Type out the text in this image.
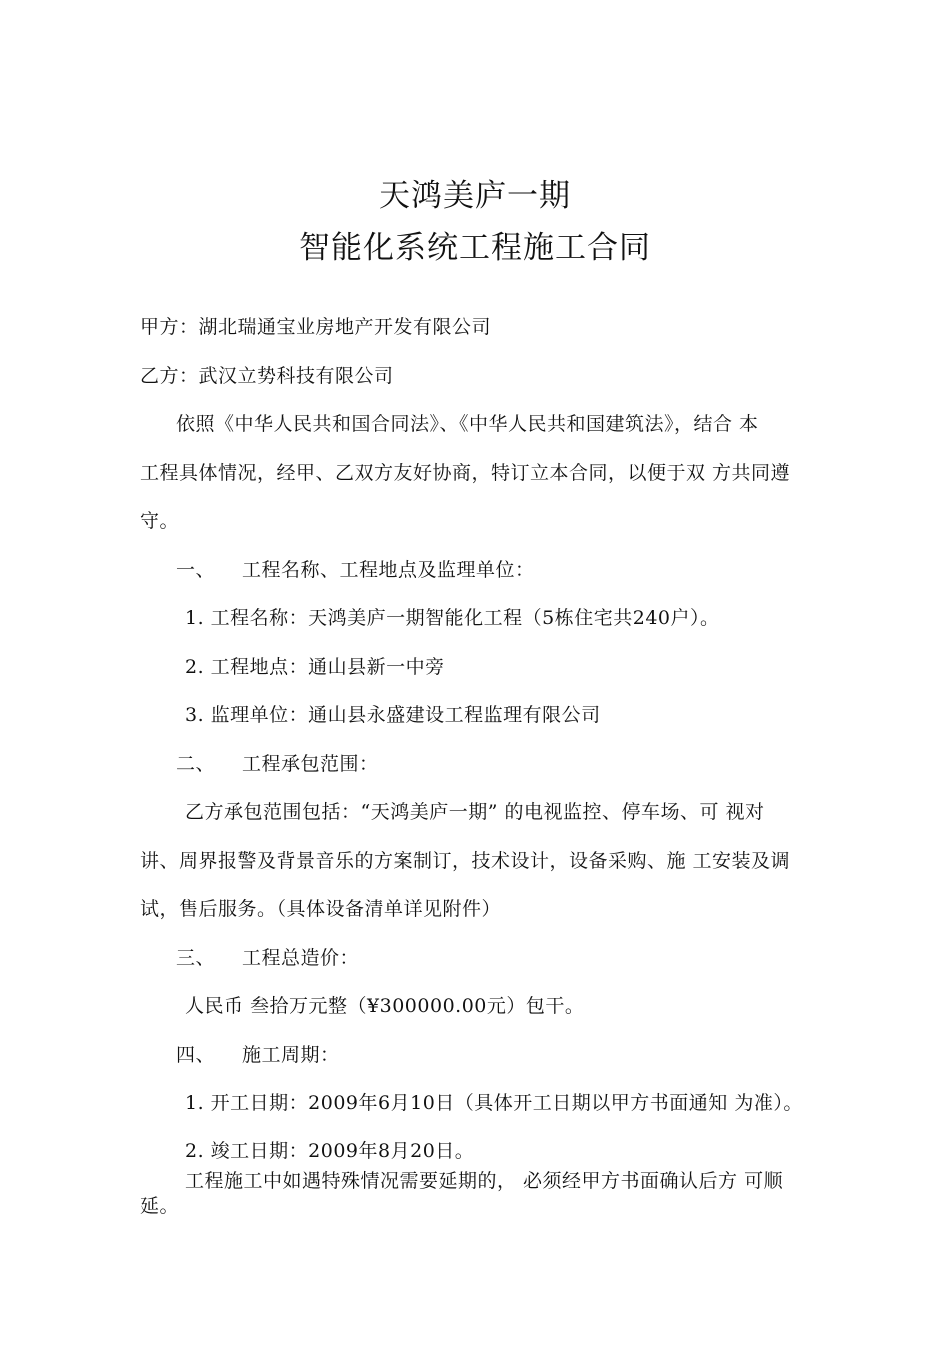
天鸿美庐一期
智能化系统工程施工合同
甲方：湖北瑞通宝业房地产开发有限公司
乙方：武汉立势科技有限公司
依照《中华人民共和国合同法》、《中华人民共和国建筑法》，结合 本
工程具体情况，经甲、乙双方友好协商，特订立本合同，以便于双 方共同遵
守。
一、 工程名称、工程地点及监理单位：
1. 工程名称：天鸿美庐一期智能化工程（5栋住宅共240户）。
2. 工程地点：通山县新一中旁
3. 监理单位：通山县永盛建设工程监理有限公司
二、 工程承包范围：
乙方承包范围包括：“天鸿美庐一期” 的电视监控、停车场、可 视对
讲、周界报警及背景音乐的方案制订，技术设计，设备采购、施 工安装及调
试，售后服务。（具体设备清单详见附件）
三、 工程总造价：
人民币 叁拾万元整（¥300000.00元）包干。
四、 施工周期：
1. 开工日期：2009年6月10日（具体开工日期以甲方书面通知 为准）。
2. 竣工日期：2009年8月20日。
工程施工中如遇特殊情况需要延期的， 必须经甲方书面确认后方 可顺
延。
